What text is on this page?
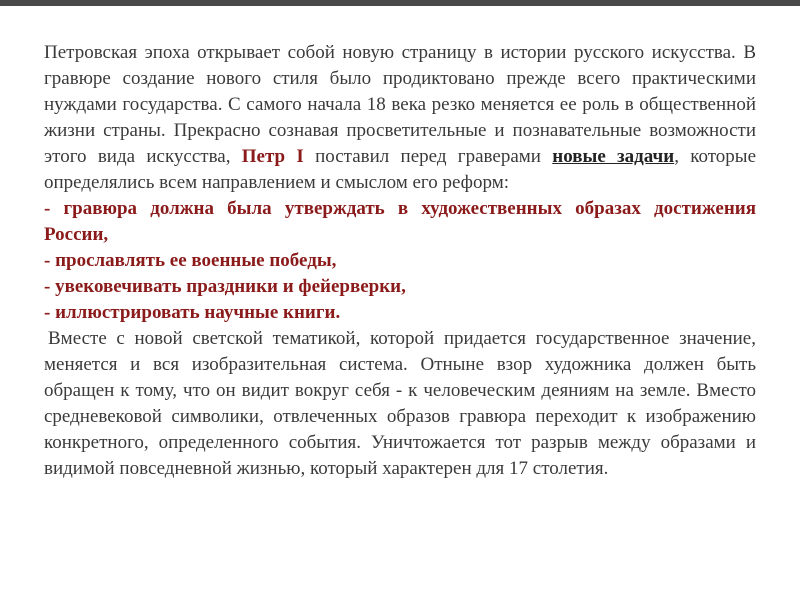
Петровская эпоха открывает собой новую страницу в истории русского искусства. В гравюре создание нового стиля было продиктовано прежде всего практическими нуждами государства. С самого начала 18 века резко меняется ее роль в общественной жизни страны. Прекрасно сознавая просветительные и познавательные возможности этого вида искусства, Петр I поставил перед граверами новые задачи, которые определялись всем направлением и смыслом его реформ:

- гравюра должна была утверждать в художественных образах достижения России,

- прославлять ее военные победы,

- увековечивать праздники и фейерверки,

- иллюстрировать научные книги.

Вместе с новой светской тематикой, которой придается государственное значение, меняется и вся изобразительная система. Отныне взор художника должен быть обращен к тому, что он видит вокруг себя - к человеческим деяниям на земле. Вместо средневековой символики, отвлеченных образов гравюра переходит к изображению конкретного, определенного события. Уничтожается тот разрыв между образами и видимой повседневной жизнью, который характерен для 17 столетия.
